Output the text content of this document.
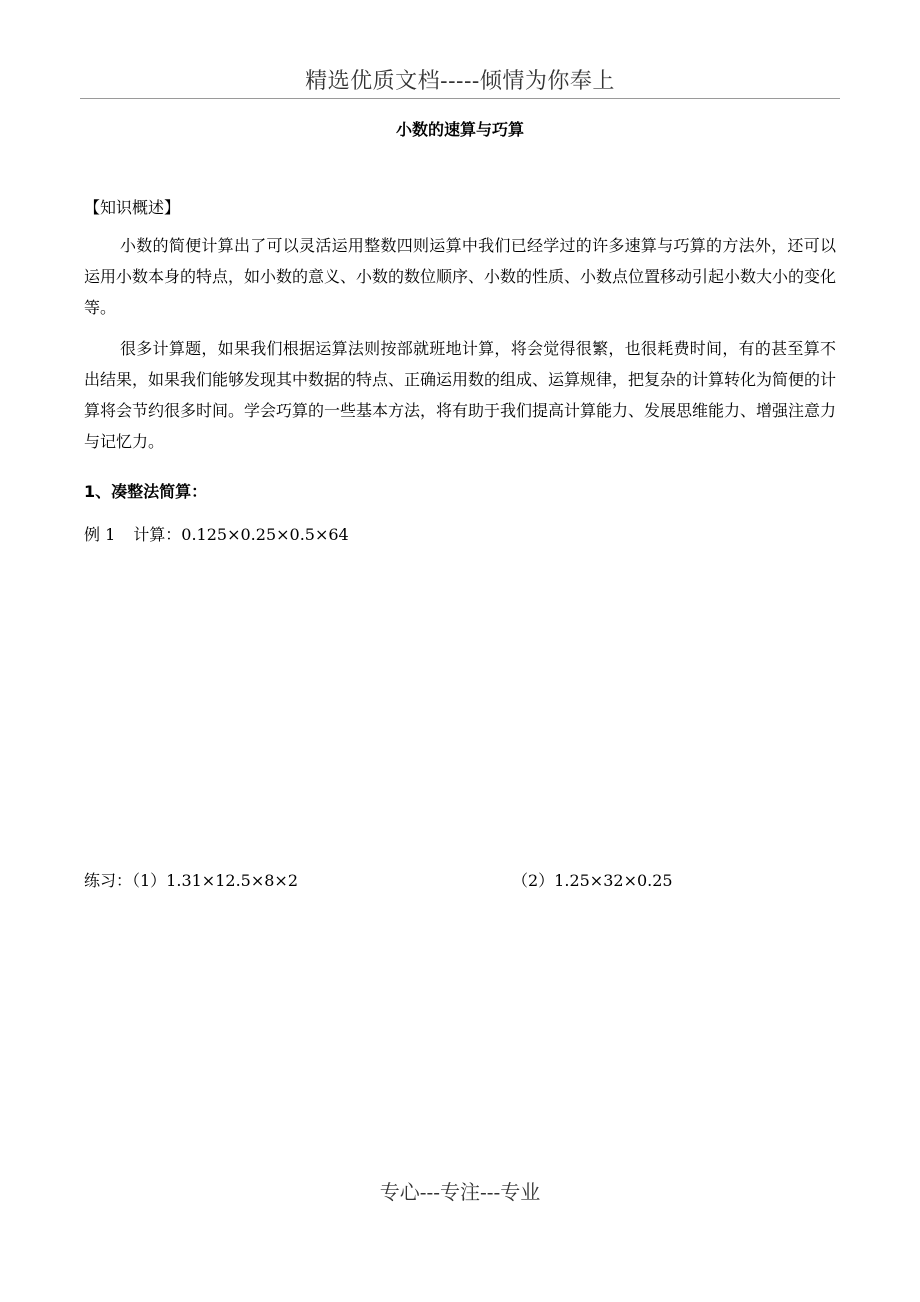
精选优质文档-----倾情为你奉上
小数的速算与巧算
【知识概述】

小数的简便计算出了可以灵活运用整数四则运算中我们已经学过的许多速算与巧算的方法外，还可以运用小数本身的特点，如小数的意义、小数的数位顺序、小数的性质、小数点位置移动引起小数大小的变化等。

很多计算题，如果我们根据运算法则按部就班地计算，将会觉得很繁，也很耗费时间，有的甚至算不出结果，如果我们能够发现其中数据的特点、正确运用数的组成、运算规律，把复杂的计算转化为简便的计算将会节约很多时间。学会巧算的一些基本方法，将有助于我们提高计算能力、发展思维能力、增强注意力与记忆力。

1、凑整法简算：
例 1 计算：0.125×0.25×0.5×64
练习：（1）1.31×12.5×8×2	（2）1.25×32×0.25
专心---专注---专业
